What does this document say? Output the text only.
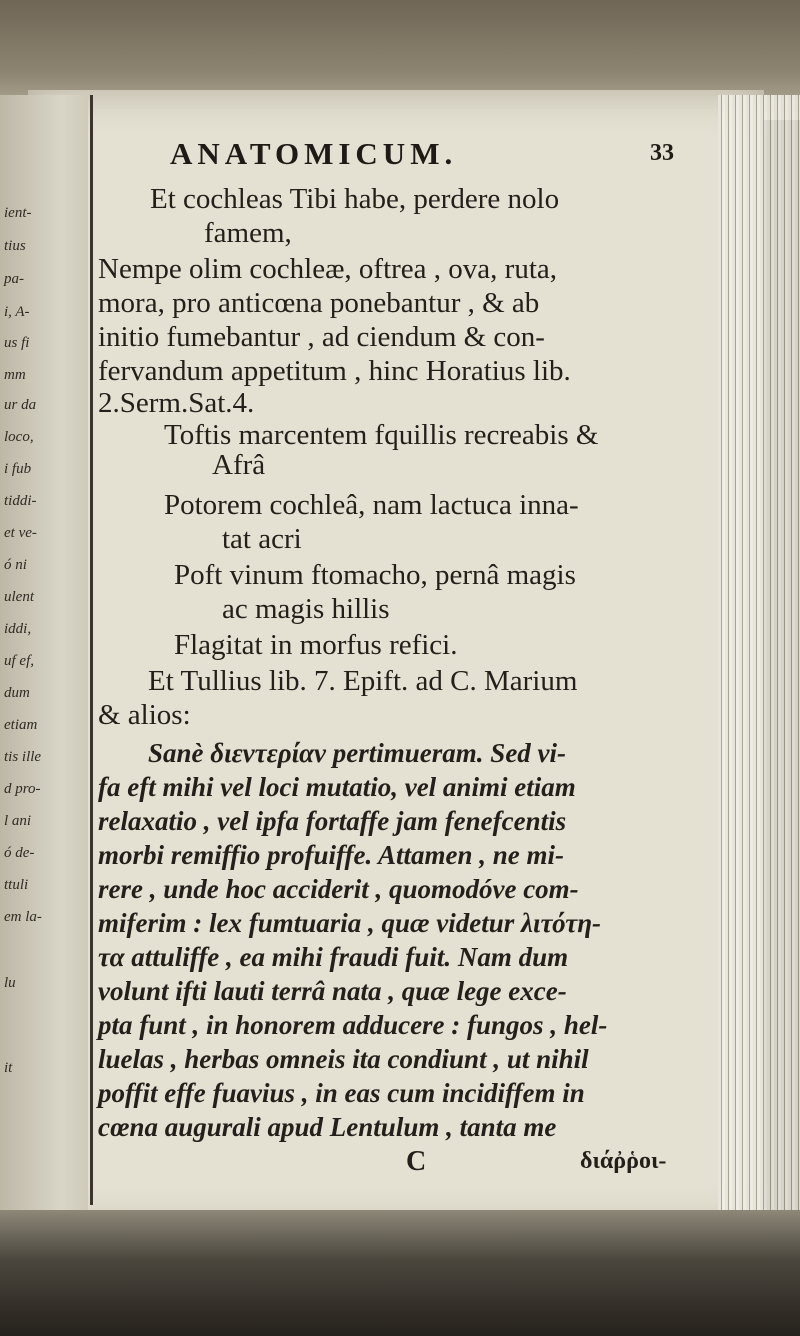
ient-
tius
pa-
i, A-
us fi
mm
ur da
loco,
i fub
tiddi-
et ve-
ó ni
ulent
iddi,
uf ef,
dum
etiam
tis ille
d pro-
l ani
ó de-
ttuli
em la-
lu
it
ANATOMICUM.	33
Et cochleas Tibi habe, perdere nolo
famem,
Nempe olim cochleæ, oftrea , ova, ruta,
mora, pro anticœna ponebantur , & ab
initio fumebantur , ad ciendum & con-
fervandum appetitum , hinc Horatius lib.
2.Serm.Sat.4.
Toftis marcentem fquillis recreabis &
Afrâ
Potorem cochleâ, nam lactuca inna-
tat acri
Poft vinum ftomacho, pernâ magis
ac magis hillis
Flagitat in morfus refici.
Et Tullius lib. 7. Epift. ad C. Marium
& alios:
Sanè διεντερίαν pertimueram. Sed vi-
fa eft mihi vel loci mutatio, vel animi etiam
relaxatio , vel ipfa fortaffe jam fenefcentis
morbi remiffio profuiffe. Attamen , ne mi-
rere , unde hoc acciderit , quomodóve com-
miferim : lex fumtuaria , quæ videtur λιτότη-
τα attuliffe , ea mihi fraudi fuit. Nam dum
volunt ifti lauti terrâ nata , quæ lege exce-
pta funt , in honorem adducere : fungos , hel-
luelas , herbas omneis ita condiunt , ut nihil
poffit effe fuavius , in eas cum incidiffem in
cœna augurali apud Lentulum , tanta me
C	διάῤῥοι-
